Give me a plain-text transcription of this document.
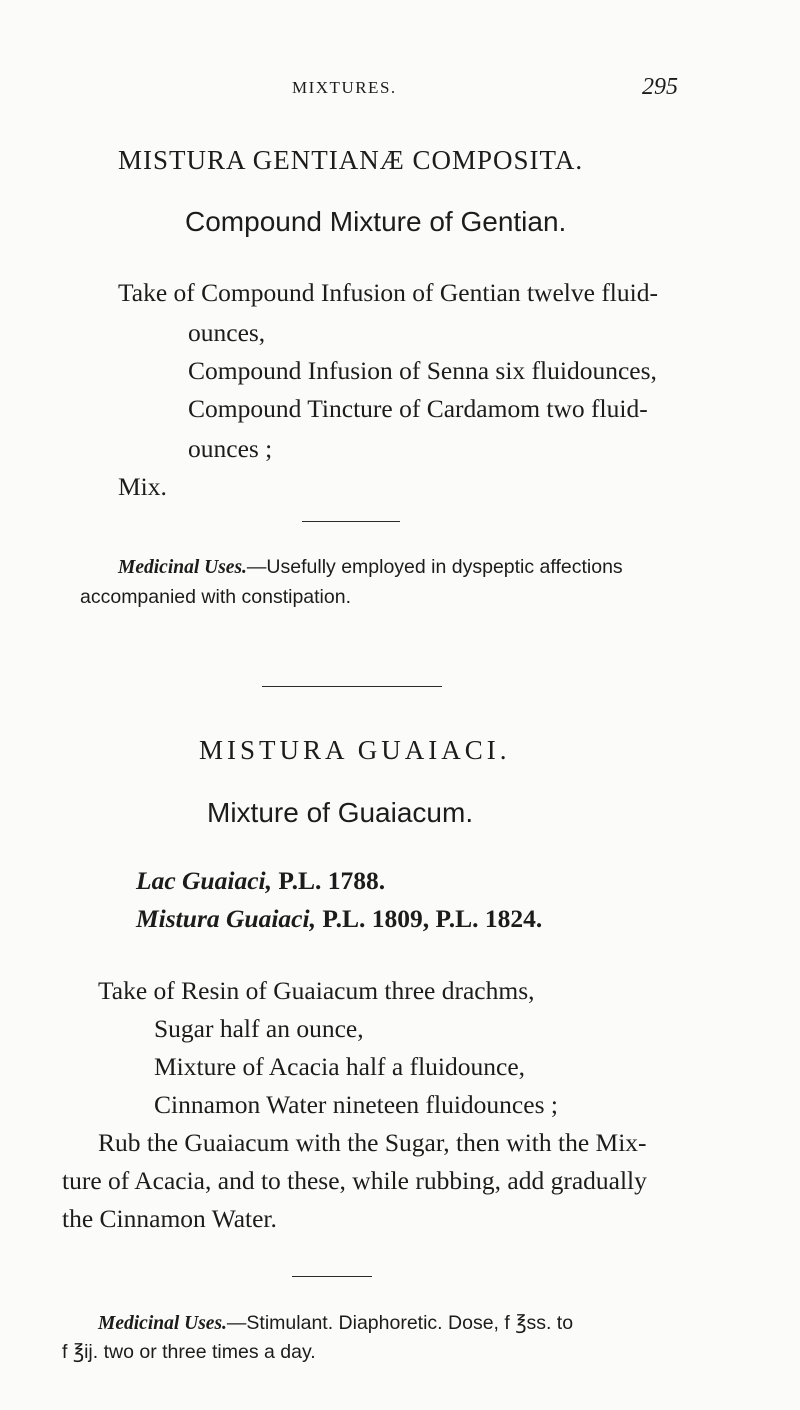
MIXTURES.	295
MISTURA GENTIANÆ COMPOSITA.
Compound Mixture of Gentian.
Take of Compound Infusion of Gentian twelve fluid-
ounces,
Compound Infusion of Senna six fluidounces,
Compound Tincture of Cardamom two fluid-
ounces ;
Mix.
Medicinal Uses.—Usefully employed in dyspeptic affections
accompanied with constipation.
MISTURA GUAIACI.
Mixture of Guaiacum.
Lac Guaiaci, P.L. 1788.
Mistura Guaiaci, P.L. 1809, P.L. 1824.
Take of Resin of Guaiacum three drachms,
Sugar half an ounce,
Mixture of Acacia half a fluidounce,
Cinnamon Water nineteen fluidounces ;
Rub the Guaiacum with the Sugar, then with the Mix-
ture of Acacia, and to these, while rubbing, add gradually
the Cinnamon Water.
Medicinal Uses.—Stimulant. Diaphoretic. Dose, f ℥ss. to
f ℥ij. two or three times a day.
